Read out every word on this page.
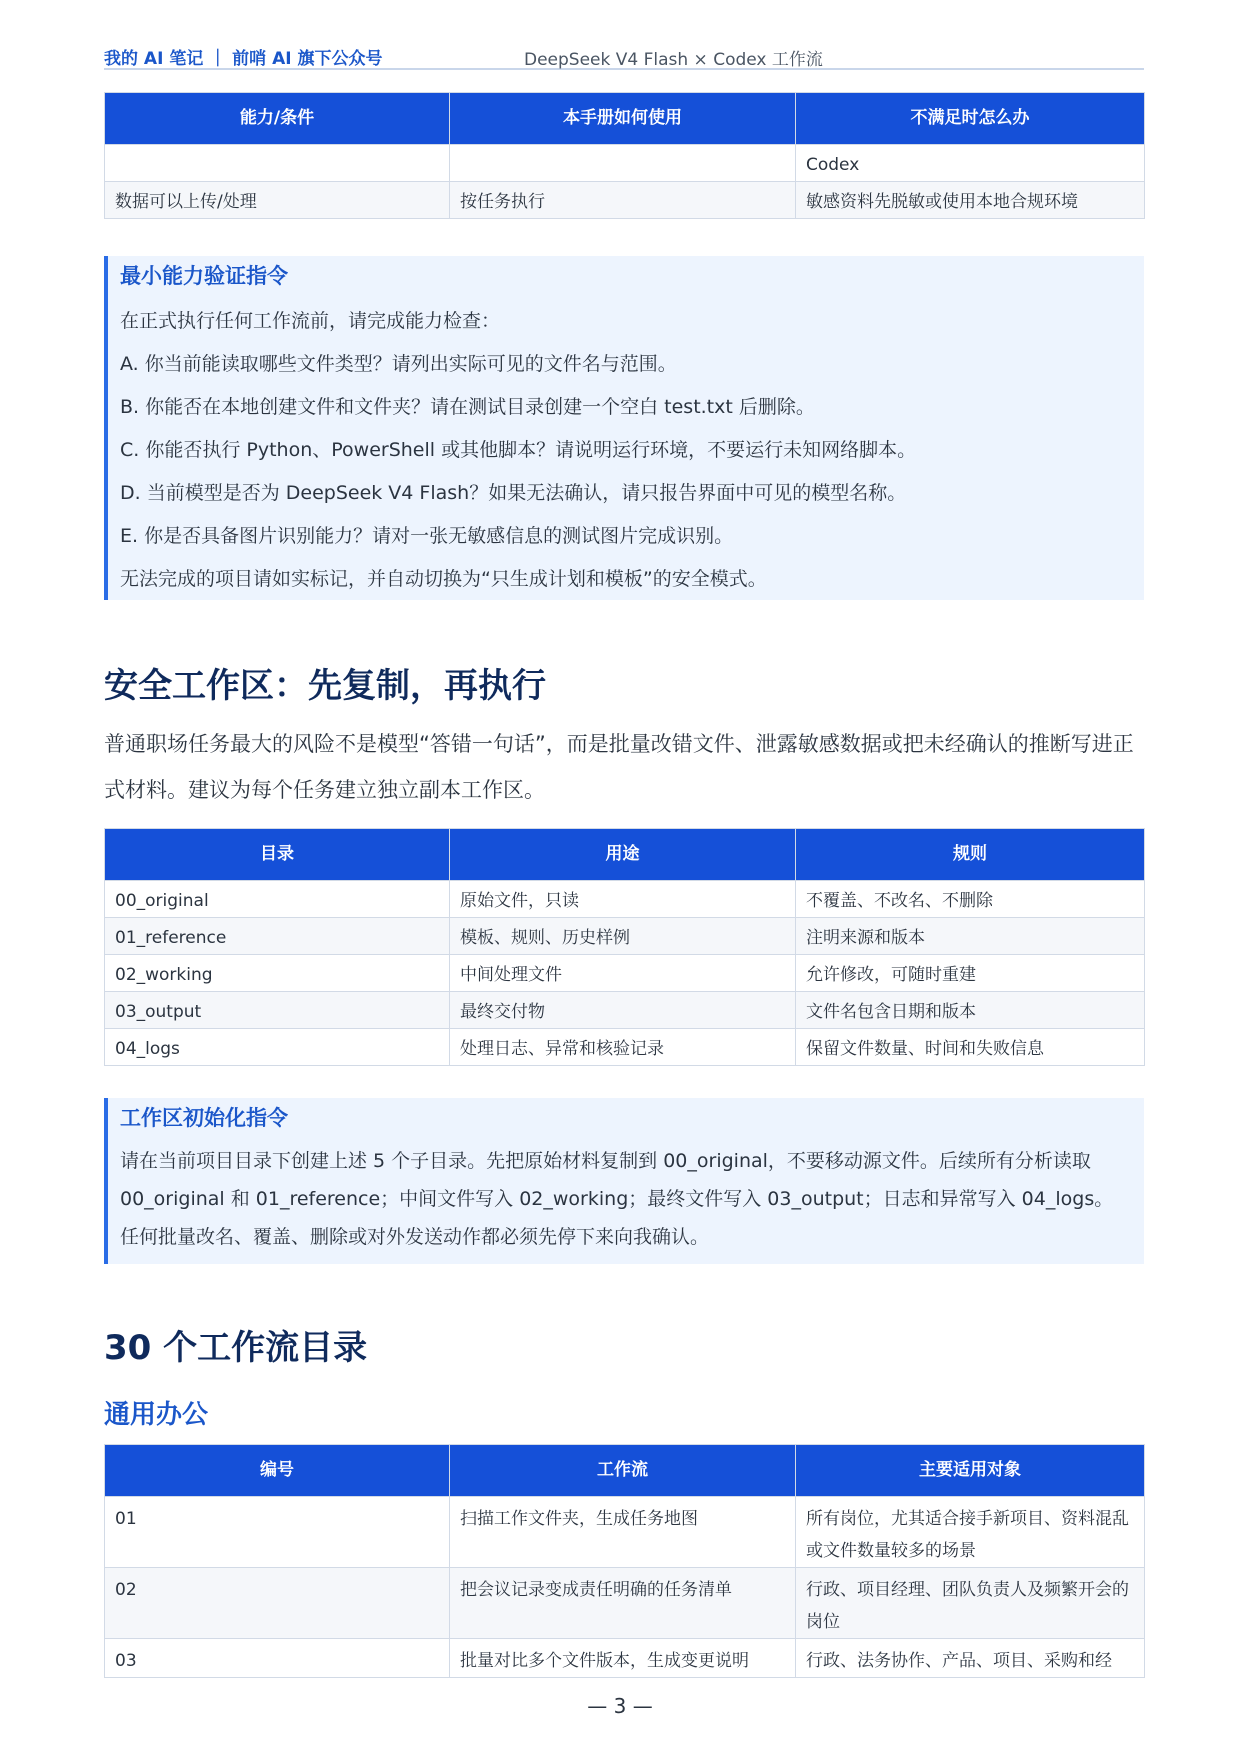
我的 AI 笔记 ｜ 前哨 AI 旗下公众号	DeepSeek V4 Flash × Codex 工作流
能力/条件	本手册如何使用	不满足时怎么办
		Codex
数据可以上传/处理	按任务执行	敏感资料先脱敏或使用本地合规环境
最小能力验证指令
在正式执行任何工作流前，请完成能力检查：
A. 你当前能读取哪些文件类型？请列出实际可见的文件名与范围。
B. 你能否在本地创建文件和文件夹？请在测试目录创建一个空白 test.txt 后删除。
C. 你能否执行 Python、PowerShell 或其他脚本？请说明运行环境，不要运行未知网络脚本。
D. 当前模型是否为 DeepSeek V4 Flash？如果无法确认，请只报告界面中可见的模型名称。
E. 你是否具备图片识别能力？请对一张无敏感信息的测试图片完成识别。
无法完成的项目请如实标记，并自动切换为“只生成计划和模板”的安全模式。
安全工作区：先复制，再执行
普通职场任务最大的风险不是模型“答错一句话”，而是批量改错文件、泄露敏感数据或把未经确认的推断写进正式材料。建议为每个任务建立独立副本工作区。
目录	用途	规则
00_original	原始文件，只读	不覆盖、不改名、不删除
01_reference	模板、规则、历史样例	注明来源和版本
02_working	中间处理文件	允许修改，可随时重建
03_output	最终交付物	文件名包含日期和版本
04_logs	处理日志、异常和核验记录	保留文件数量、时间和失败信息
工作区初始化指令
请在当前项目目录下创建上述 5 个子目录。先把原始材料复制到 00_original，不要移动源文件。后续所有分析读取 00_original 和 01_reference；中间文件写入 02_working；最终文件写入 03_output；日志和异常写入 04_logs。任何批量改名、覆盖、删除或对外发送动作都必须先停下来向我确认。
30 个工作流目录
通用办公
编号	工作流	主要适用对象
01	扫描工作文件夹，生成任务地图	所有岗位，尤其适合接手新项目、资料混乱或文件数量较多的场景
02	把会议记录变成责任明确的任务清单	行政、项目经理、团队负责人及频繁开会的岗位
03	批量对比多个文件版本，生成变更说明	行政、法务协作、产品、项目、采购和经
— 3 —
